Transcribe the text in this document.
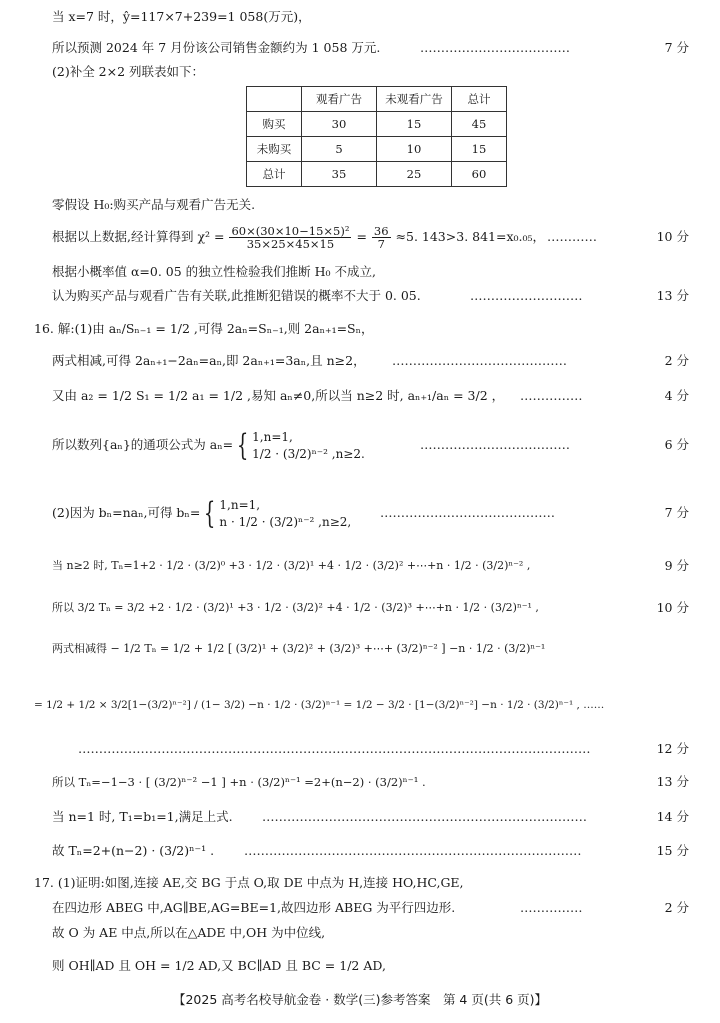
当 x=7 时，ŷ=117×7+239=1 058(万元)，
所以预测 2024 年 7 月份该公司销售金额约为 1 058 万元.	………………………………	7 分
(2)补全 2×2 列联表如下：
	观看广告	未观看广告	总计
购买	30	15	45
未购买	5	10	15
总计	35	25	60
零假设 H₀:购买产品与观看广告无关.
根据以上数据,经计算得到 $\chi^2 = \frac{\text{60×(30×10−15×5)²}}{35\times 25\times 45\times 15} = \frac{36}{7} \approx 5$. 143>3. 841=x₀.₀₅， …………	10 分
根据小概率值 α=0. 05 的独立性检验我们推断 H₀ 不成立,
认为购买产品与观看广告有关联,此推断犯错误的概率不大于 0. 05.	………………………	13 分
16. 解:(1)由 aₙ/Sₙ₋₁ = 1/2 ,可得 2aₙ=Sₙ₋₁,则 2aₙ₊₁=Sₙ，
两式相减,可得 2aₙ₊₁−2aₙ=aₙ,即 2aₙ₊₁=3aₙ,且 n≥2， ……………………………………	2 分
又由 a₂ = 1/2 S₁ = 1/2 a₁ = 1/2 ,易知 aₙ≠0,所以当 n≥2 时, aₙ₊₁/aₙ = 3/2 ， ……………	4 分
所以数列{aₙ}的通项公式为 aₙ= { 1,n=1,
1/2 · (3/2)ⁿ⁻² ,n≥2.
………………………………	6 分
(2)因为 bₙ=naₙ,可得 bₙ= { 1,n=1,
n · 1/2 · (3/2)ⁿ⁻² ,n≥2,
……………………………………	7 分
当 n≥2 时, Tₙ=1+2 · 1/2 · (3/2)⁰ +3 · 1/2 · (3/2)¹ +4 · 1/2 · (3/2)² +⋯+n · 1/2 · (3/2)ⁿ⁻² ,	9 分
所以 3/2 Tₙ = 3/2 +2 · 1/2 · (3/2)¹ +3 · 1/2 · (3/2)² +4 · 1/2 · (3/2)³ +⋯+n · 1/2 · (3/2)ⁿ⁻¹ ,	10 分
两式相减得 − 1/2 Tₙ = 1/2 + 1/2 [ (3/2)¹ + (3/2)² + (3/2)³ +⋯+ (3/2)ⁿ⁻² ] −n · 1/2 · (3/2)ⁿ⁻¹
= 1/2 + 1/2 × 3/2[1−(3/2)ⁿ⁻²] / (1− 3/2) −n · 1/2 · (3/2)ⁿ⁻¹ = 1/2 − 3/2 · [1−(3/2)ⁿ⁻²] −n · 1/2 · (3/2)ⁿ⁻¹ , ……
……………………………………………………………………………………………………………	12 分
所以 Tₙ=−1−3 · [ (3/2)ⁿ⁻² −1 ] +n · (3/2)ⁿ⁻¹ =2+(n−2) · (3/2)ⁿ⁻¹ .	13 分
当 n=1 时, T₁=b₁=1,满足上式. ……………………………………………………………………	14 分
故 Tₙ=2+(n−2) · (3/2)ⁿ⁻¹ . ………………………………………………………………………	15 分
17. (1)证明:如图,连接 AE,交 BG 于点 O,取 DE 中点为 H,连接 HO,HC,GE,
在四边形 ABEG 中,AG∥BE,AG=BE=1,故四边形 ABEG 为平行四边形.	……………	2 分
故 O 为 AE 中点,所以在△ADE 中,OH 为中位线,
则 OH∥AD 且 OH = 1/2 AD,又 BC∥AD 且 BC = 1/2 AD,
【2025 高考名校导航金卷 · 数学(三)参考答案　第 4 页(共 6 页)】
